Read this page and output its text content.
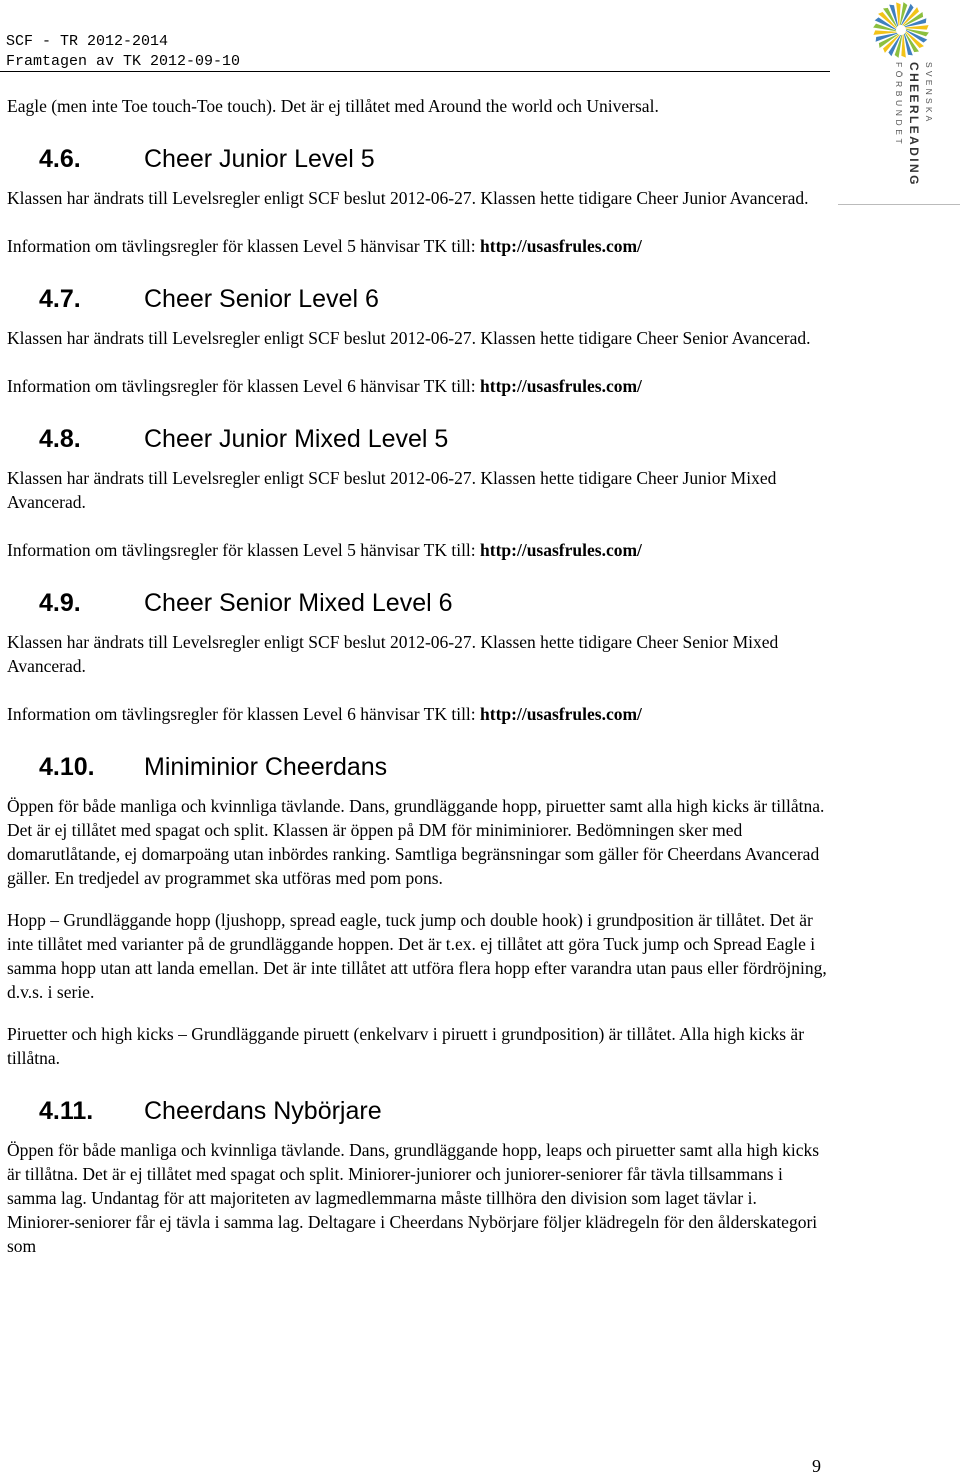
SCF - TR 2012-2014
Framtagen av TK 2012-09-10
SVENSKA
CHEERLEADING
FÖRBUNDET

Eagle (men inte Toe touch-Toe touch). Det är ej tillåtet med Around the world och Universal.

4.6.	Cheer Junior Level 5

Klassen har ändrats till Levelsregler enligt SCF beslut 2012-06-27. Klassen hette tidigare Cheer Junior Avancerad.

Information om tävlingsregler för klassen Level 5 hänvisar TK till: http://usasfrules.com/

4.7.	Cheer Senior Level 6

Klassen har ändrats till Levelsregler enligt SCF beslut 2012-06-27. Klassen hette tidigare Cheer Senior Avancerad.

Information om tävlingsregler för klassen Level 6 hänvisar TK till: http://usasfrules.com/

4.8.	Cheer Junior Mixed Level 5

Klassen har ändrats till Levelsregler enligt SCF beslut 2012-06-27. Klassen hette tidigare Cheer Junior Mixed Avancerad.

Information om tävlingsregler för klassen Level 5 hänvisar TK till: http://usasfrules.com/

4.9.	Cheer Senior Mixed Level 6

Klassen har ändrats till Levelsregler enligt SCF beslut 2012-06-27. Klassen hette tidigare Cheer Senior Mixed Avancerad.

Information om tävlingsregler för klassen Level 6 hänvisar TK till: http://usasfrules.com/

4.10.	Miniminior Cheerdans

Öppen för både manliga och kvinnliga tävlande. Dans, grundläggande hopp, piruetter samt alla high kicks är tillåtna. Det är ej tillåtet med spagat och split. Klassen är öppen på DM för miniminiorer. Bedömningen sker med domarutlåtande, ej domarpoäng utan inbördes ranking. Samtliga begränsningar som gäller för Cheerdans Avancerad gäller. En tredjedel av programmet ska utföras med pom pons.

Hopp – Grundläggande hopp (ljushopp, spread eagle, tuck jump och double hook) i grundposition är tillåtet. Det är inte tillåtet med varianter på de grundläggande hoppen. Det är t.ex. ej tillåtet att göra Tuck jump och Spread Eagle i samma hopp utan att landa emellan. Det är inte tillåtet att utföra flera hopp efter varandra utan paus eller fördröjning, d.v.s. i serie.

Piruetter och high kicks – Grundläggande piruett (enkelvarv i piruett i grundposition) är tillåtet. Alla high kicks är tillåtna.

4.11.	Cheerdans Nybörjare

Öppen för både manliga och kvinnliga tävlande. Dans, grundläggande hopp, leaps och piruetter samt alla high kicks är tillåtna. Det är ej tillåtet med spagat och split. Miniorer-juniorer och juniorer-seniorer får tävla tillsammans i samma lag. Undantag för att majoriteten av lagmedlemmarna måste tillhöra den division som laget tävlar i. Miniorer-seniorer får ej tävla i samma lag. Deltagare i Cheerdans Nybörjare följer klädregeln för den ålderskategori som

9
